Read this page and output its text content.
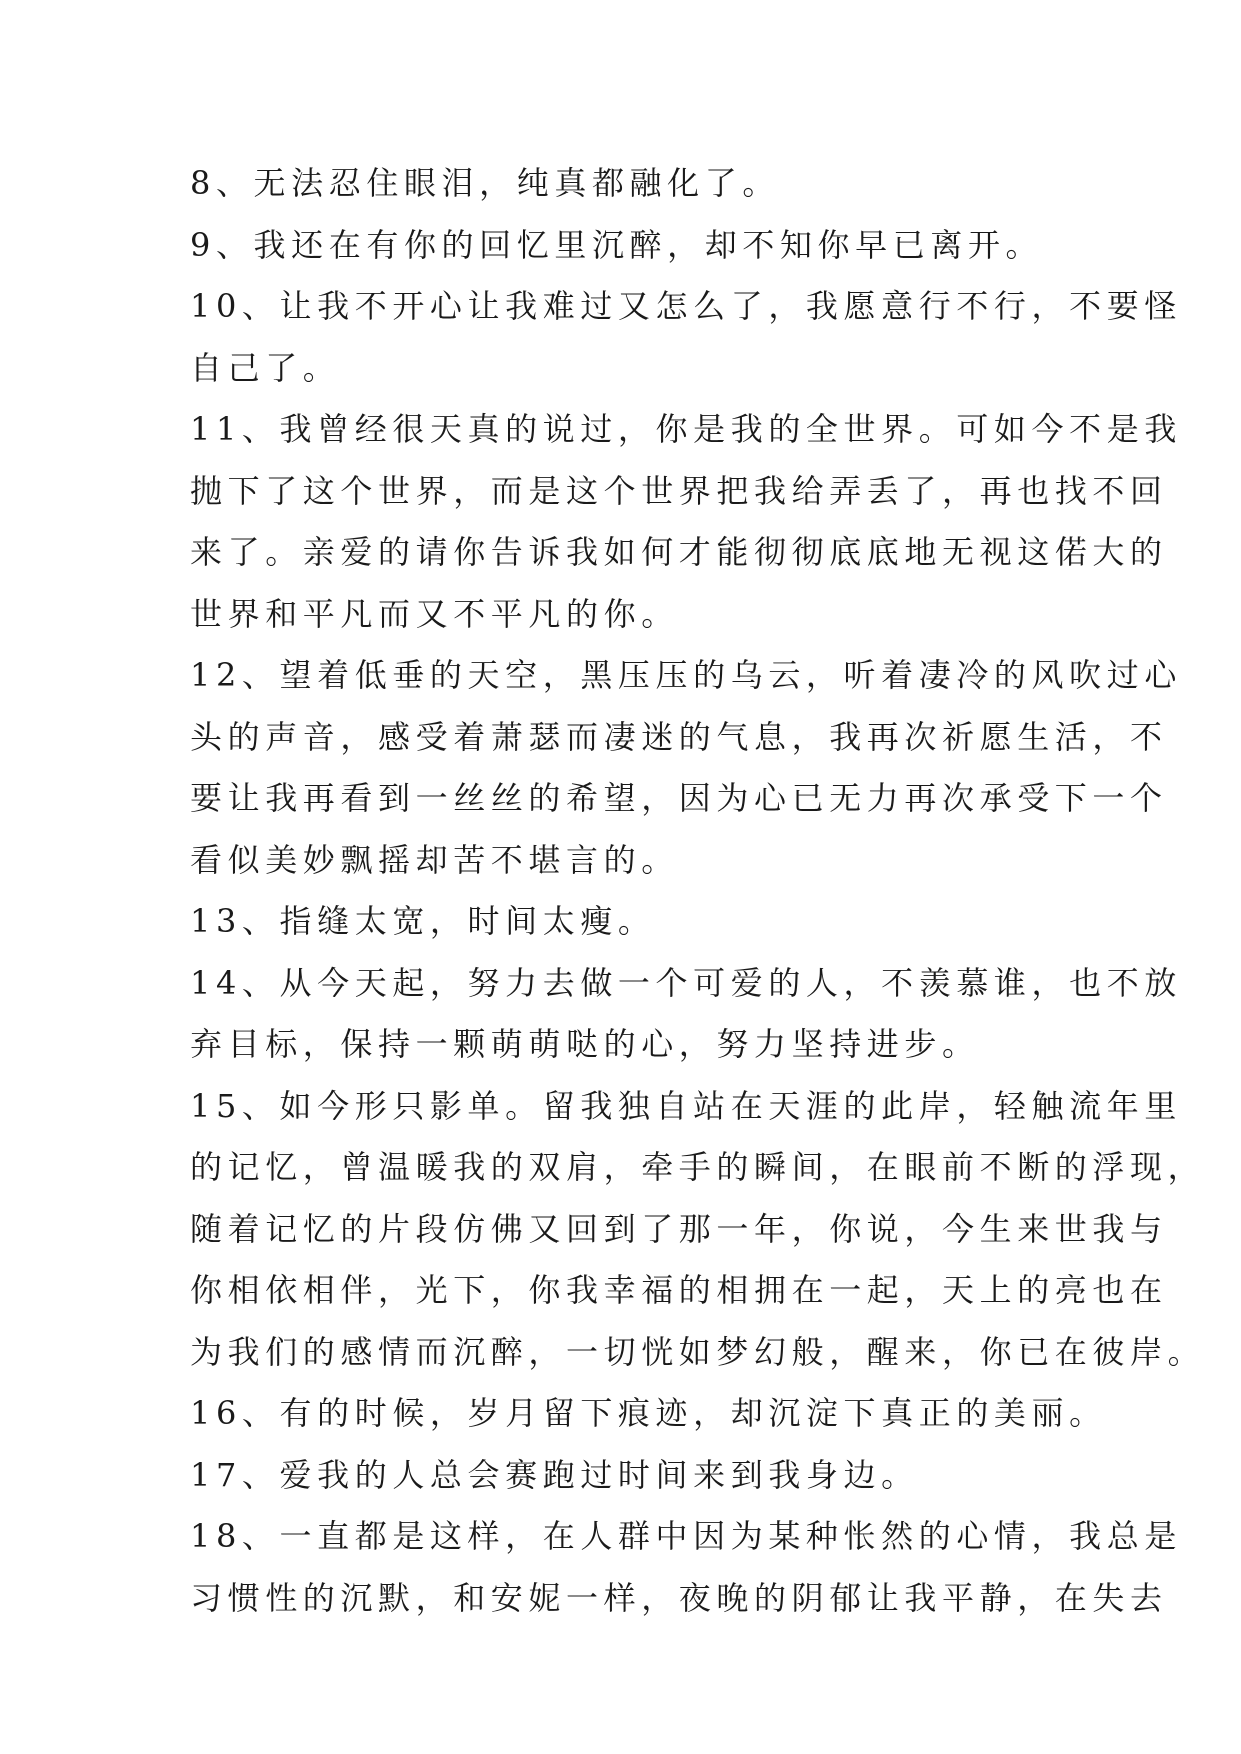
8、无法忍住眼泪，纯真都融化了。
9、我还在有你的回忆里沉醉，却不知你早已离开。
10、让我不开心让我难过又怎么了，我愿意行不行，不要怪
自己了。
11、我曾经很天真的说过，你是我的全世界。可如今不是我
抛下了这个世界，而是这个世界把我给弄丢了，再也找不回
来了。亲爱的请你告诉我如何才能彻彻底底地无视这偌大的
世界和平凡而又不平凡的你。
12、望着低垂的天空，黑压压的乌云，听着凄冷的风吹过心
头的声音，感受着萧瑟而凄迷的气息，我再次祈愿生活，不
要让我再看到一丝丝的希望，因为心已无力再次承受下一个
看似美妙飘摇却苦不堪言的。
13、指缝太宽，时间太瘦。
14、从今天起，努力去做一个可爱的人，不羡慕谁，也不放
弃目标，保持一颗萌萌哒的心，努力坚持进步。
15、如今形只影单。留我独自站在天涯的此岸，轻触流年里
的记忆，曾温暖我的双肩，牵手的瞬间，在眼前不断的浮现，
随着记忆的片段仿佛又回到了那一年，你说，今生来世我与
你相依相伴，光下，你我幸福的相拥在一起，天上的亮也在
为我们的感情而沉醉，一切恍如梦幻般，醒来，你已在彼岸。
16、有的时候，岁月留下痕迹，却沉淀下真正的美丽。
17、爱我的人总会赛跑过时间来到我身边。
18、一直都是这样，在人群中因为某种怅然的心情，我总是
习惯性的沉默，和安妮一样，夜晚的阴郁让我平静，在失去
